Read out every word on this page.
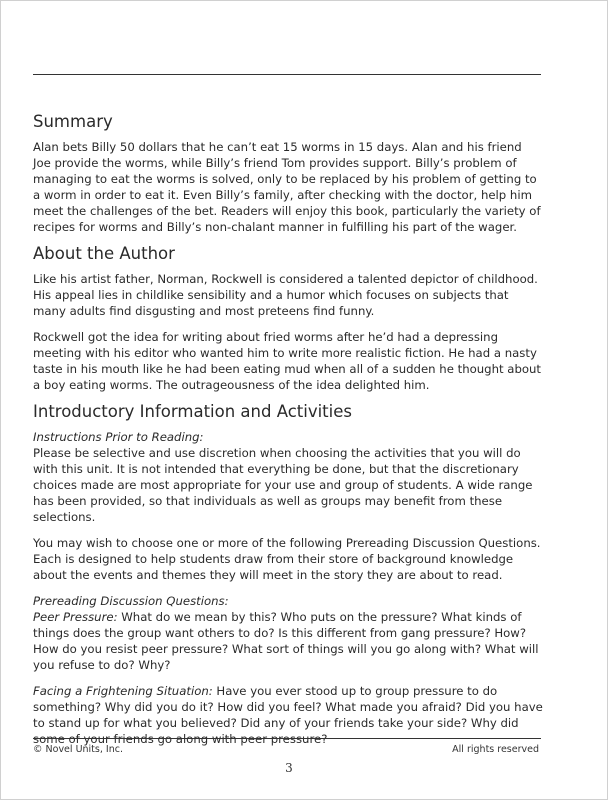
Summary

Alan bets Billy 50 dollars that he can’t eat 15 worms in 15 days. Alan and his friend Joe provide the worms, while Billy’s friend Tom provides support. Billy’s problem of managing to eat the worms is solved, only to be replaced by his problem of getting to a worm in order to eat it. Even Billy’s family, after checking with the doctor, help him meet the challenges of the bet. Readers will enjoy this book, particularly the variety of recipes for worms and Billy’s non-chalant manner in fulfilling his part of the wager.

About the Author

Like his artist father, Norman, Rockwell is considered a talented depictor of childhood. His appeal lies in childlike sensibility and a humor which focuses on subjects that many adults find disgusting and most preteens find funny.

Rockwell got the idea for writing about fried worms after he’d had a depressing meeting with his editor who wanted him to write more realistic fiction. He had a nasty taste in his mouth like he had been eating mud when all of a sudden he thought about a boy eating worms. The outrageousness of the idea delighted him.

Introductory Information and Activities

Instructions Prior to Reading:

Please be selective and use discretion when choosing the activities that you will do with this unit. It is not intended that everything be done, but that the discretionary choices made are most appropriate for your use and group of students. A wide range has been provided, so that individuals as well as groups may benefit from these selections.

You may wish to choose one or more of the following Prereading Discussion Questions. Each is designed to help students draw from their store of background knowledge about the events and themes they will meet in the story they are about to read.

Prereading Discussion Questions:

Peer Pressure: What do we mean by this? Who puts on the pressure? What kinds of things does the group want others to do? Is this different from gang pressure? How? How do you resist peer pressure? What sort of things will you go along with? What will you refuse to do? Why?

Facing a Frightening Situation: Have you ever stood up to group pressure to do something? Why did you do it? How did you feel? What made you afraid? Did you have to stand up for what you believed? Did any of your friends take your side? Why did some of your friends go along with peer pressure?

© Novel Units, Inc.	All rights reserved
3
